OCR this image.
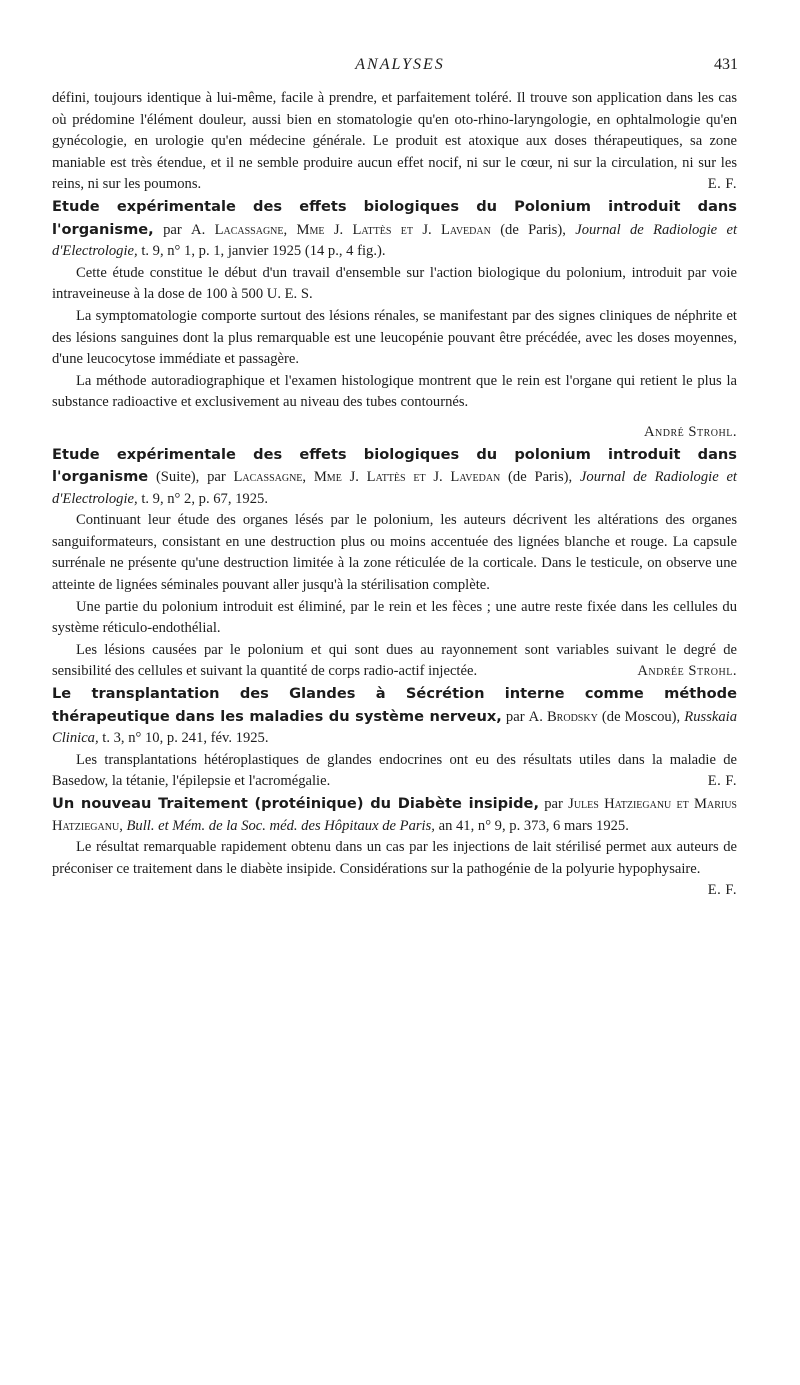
ANALYSES	431

défini, toujours identique à lui-même, facile à prendre, et parfaitement toléré. Il trouve son application dans les cas où prédomine l'élément douleur, aussi bien en stomatologie qu'en oto-rhino-laryngologie, en ophtalmologie qu'en gynécologie, en urologie qu'en médecine générale. Le produit est atoxique aux doses thérapeutiques, sa zone maniable est très étendue, et il ne semble produire aucun effet nocif, ni sur le cœur, ni sur la circulation, ni sur les reins, ni sur les poumons.	E. F.

Etude expérimentale des effets biologiques du Polonium introduit dans l'organisme, par A. Lacassagne, Mme J. Lattès et J. Lavedan (de Paris), Journal de Radiologie et d'Electrologie, t. 9, n° 1, p. 1, janvier 1925 (14 p., 4 fig.).

Cette étude constitue le début d'un travail d'ensemble sur l'action biologique du polonium, introduit par voie intraveineuse à la dose de 100 à 500 U. E. S.

La symptomatologie comporte surtout des lésions rénales, se manifestant par des signes cliniques de néphrite et des lésions sanguines dont la plus remarquable est une leucopénie pouvant être précédée, avec les doses moyennes, d'une leucocytose immédiate et passagère.

La méthode autoradiographique et l'examen histologique montrent que le rein est l'organe qui retient le plus la substance radioactive et exclusivement au niveau des tubes contournés.

André Strohl.

Etude expérimentale des effets biologiques du polonium introduit dans l'organisme (Suite), par Lacassagne, Mme J. Lattès et J. Lavedan (de Paris), Journal de Radiologie et d'Electrologie, t. 9, n° 2, p. 67, 1925.

Continuant leur étude des organes lésés par le polonium, les auteurs décrivent les altérations des organes sanguiformateurs, consistant en une destruction plus ou moins accentuée des lignées blanche et rouge. La capsule surrénale ne présente qu'une destruction limitée à la zone réticulée de la corticale. Dans le testicule, on observe une atteinte de lignées séminales pouvant aller jusqu'à la stérilisation complète.

Une partie du polonium introduit est éliminé, par le rein et les fèces ; une autre reste fixée dans les cellules du système réticulo-endothélial.

Les lésions causées par le polonium et qui sont dues au rayonnement sont variables suivant le degré de sensibilité des cellules et suivant la quantité de corps radio-actif injectée.	Andrée Strohl.

Le transplantation des Glandes à Sécrétion interne comme méthode thérapeutique dans les maladies du système nerveux, par A. Brodsky (de Moscou), Russkaia Clinica, t. 3, n° 10, p. 241, fév. 1925.

Les transplantations hétéroplastiques de glandes endocrines ont eu des résultats utiles dans la maladie de Basedow, la tétanie, l'épilepsie et l'acromégalie.	E. F.

Un nouveau Traitement (protéinique) du Diabète insipide, par Jules Hatzieganu et Marius Hatzieganu, Bull. et Mém. de la Soc. méd. des Hôpitaux de Paris, an 41, n° 9, p. 373, 6 mars 1925.

Le résultat remarquable rapidement obtenu dans un cas par les injections de lait stérilisé permet aux auteurs de préconiser ce traitement dans le diabète insipide. Considérations sur la pathogénie de la polyurie hypophysaire.
E. F.
